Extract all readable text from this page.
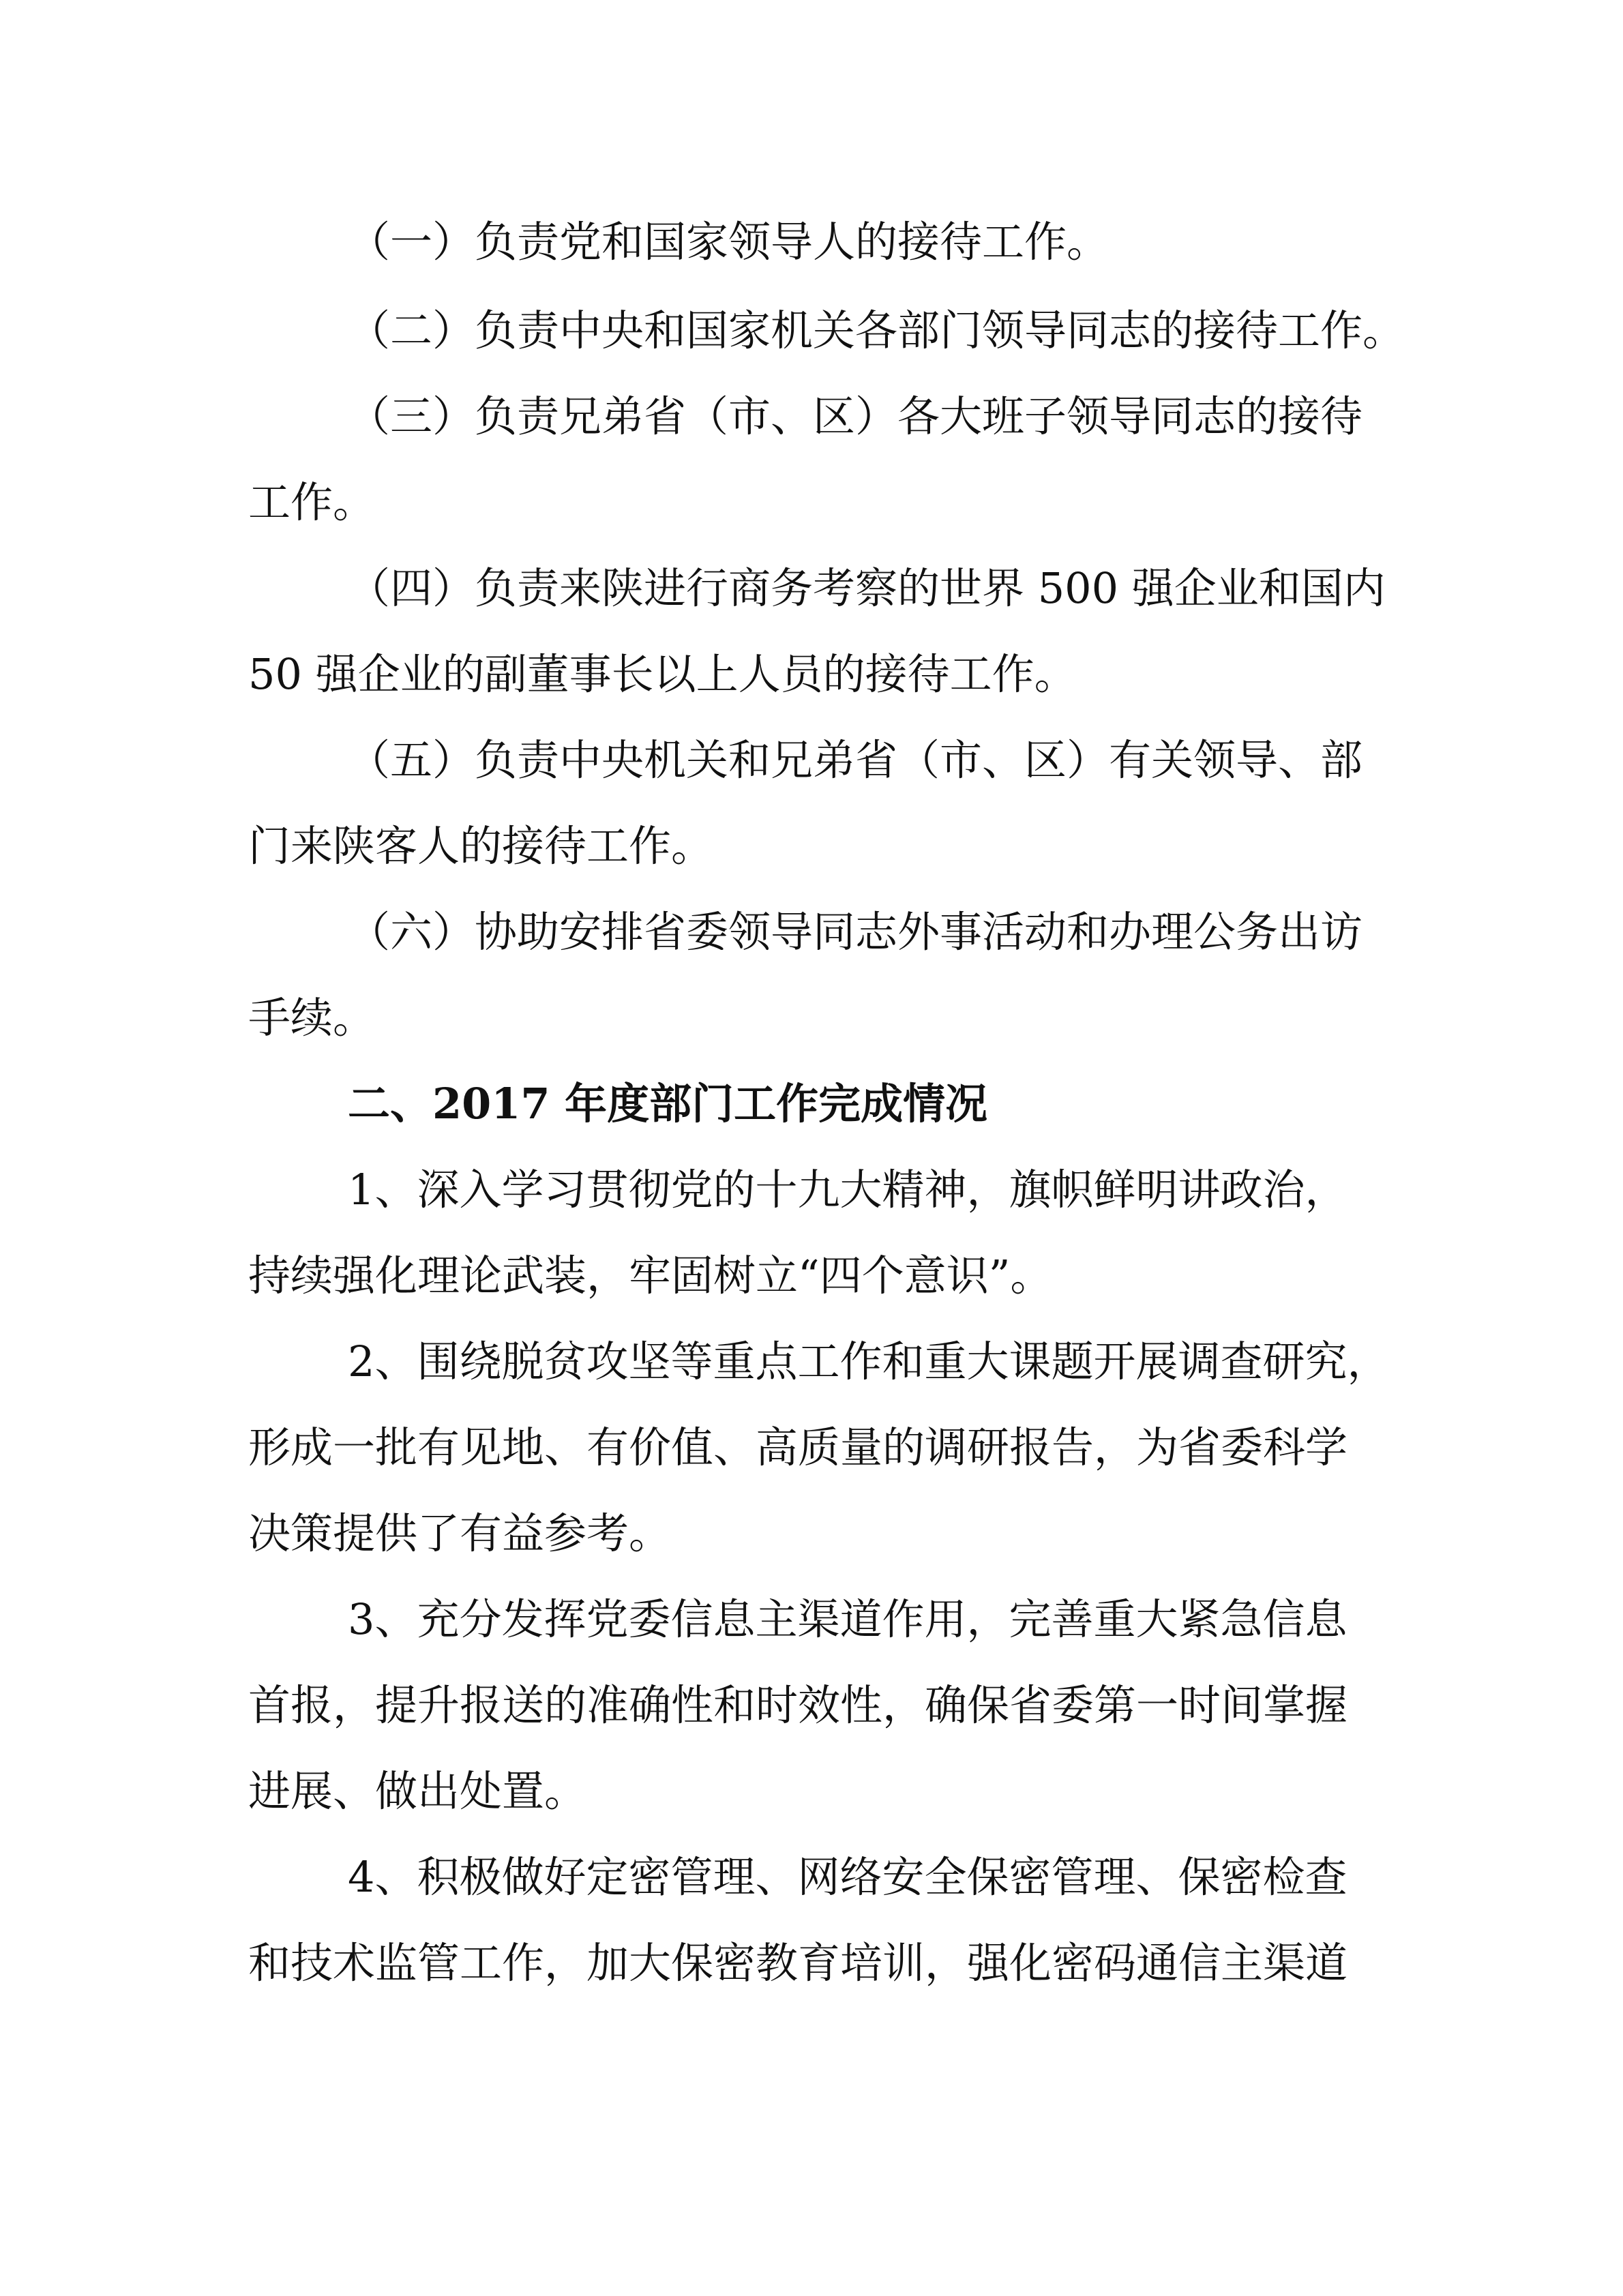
（一）负责党和国家领导人的接待工作。

（二）负责中央和国家机关各部门领导同志的接待工作。

（三）负责兄弟省（市、区）各大班子领导同志的接待

工作。

（四）负责来陕进行商务考察的世界 500 强企业和国内

50 强企业的副董事长以上人员的接待工作。

（五）负责中央机关和兄弟省（市、区）有关领导、部

门来陕客人的接待工作。

（六）协助安排省委领导同志外事活动和办理公务出访

手续。

二、2017 年度部门工作完成情况

1、深入学习贯彻党的十九大精神，旗帜鲜明讲政治，

持续强化理论武装，牢固树立“四个意识”。

2、围绕脱贫攻坚等重点工作和重大课题开展调查研究，

形成一批有见地、有价值、高质量的调研报告，为省委科学

决策提供了有益参考。

3、充分发挥党委信息主渠道作用，完善重大紧急信息

首报，提升报送的准确性和时效性，确保省委第一时间掌握

进展、做出处置。

4、积极做好定密管理、网络安全保密管理、保密检查

和技术监管工作，加大保密教育培训，强化密码通信主渠道
